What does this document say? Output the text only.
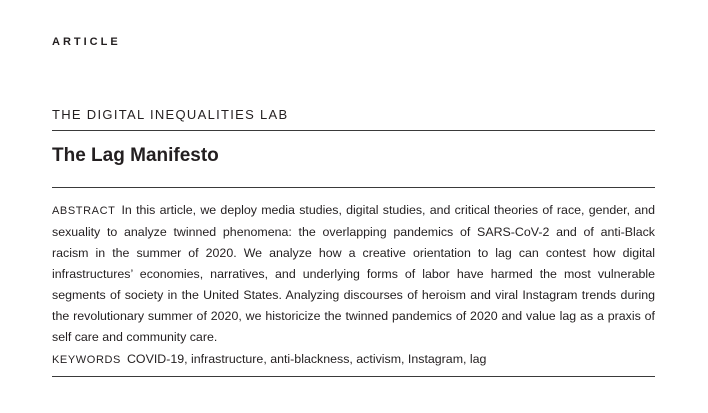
ARTICLE
THE DIGITAL INEQUALITIES LAB
The Lag Manifesto
ABSTRACT In this article, we deploy media studies, digital studies, and critical theories of race, gender, and sexuality to analyze twinned phenomena: the overlapping pandemics of SARS-CoV-2 and of anti-Black racism in the summer of 2020. We analyze how a creative orientation to lag can contest how digital infrastructures’ economies, narratives, and underlying forms of labor have harmed the most vulnerable segments of society in the United States. Analyzing discourses of heroism and viral Instagram trends during the revolutionary summer of 2020, we historicize the twinned pandemics of 2020 and value lag as a praxis of self care and community care.
KEYWORDS COVID-19, infrastructure, anti-blackness, activism, Instagram, lag
